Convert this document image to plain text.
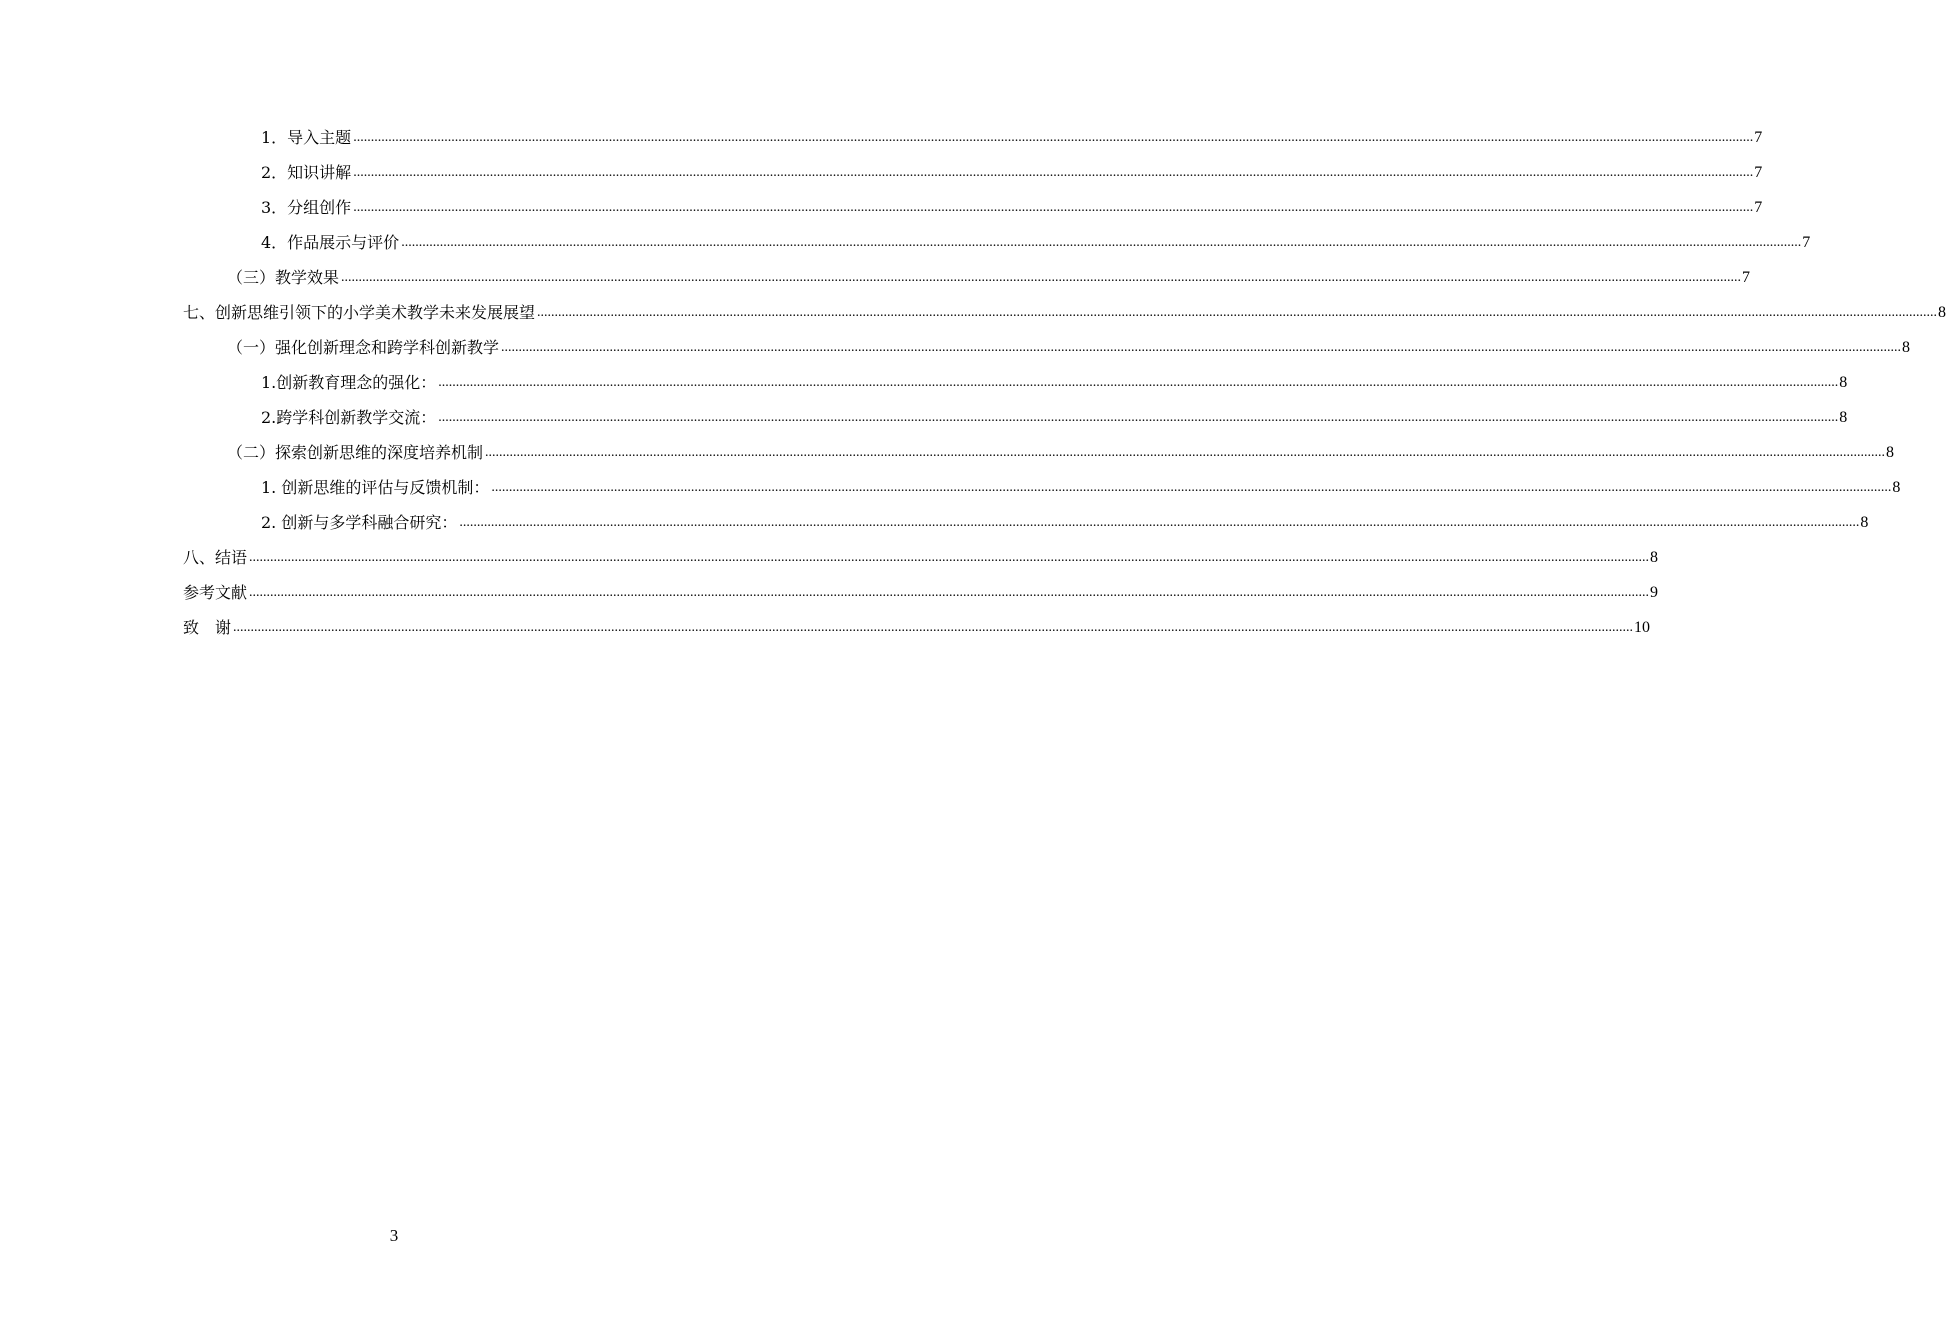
1．导入主题 ................................................................................................................................................................................................................................................................................................................................................................................................................ 7
2．知识讲解 ................................................................................................................................................................................................................................................................................................................................................................................................................ 7
3．分组创作 ................................................................................................................................................................................................................................................................................................................................................................................................................ 7
4．作品展示与评价 ................................................................................................................................................................................................................................................................................................................................................................................................................ 7
（三）教学效果 ................................................................................................................................................................................................................................................................................................................................................................................................................ 7
七、创新思维引领下的小学美术教学未来发展展望 ................................................................................................................................................................................................................................................................................................................................................................................................................ 8
（一）强化创新理念和跨学科创新教学 ................................................................................................................................................................................................................................................................................................................................................................................................................ 8
1.创新教育理念的强化： ................................................................................................................................................................................................................................................................................................................................................................................................................ 8
2.跨学科创新教学交流： ................................................................................................................................................................................................................................................................................................................................................................................................................ 8
（二）探索创新思维的深度培养机制 ................................................................................................................................................................................................................................................................................................................................................................................................................ 8
1. 创新思维的评估与反馈机制： ................................................................................................................................................................................................................................................................................................................................................................................................................ 8
2. 创新与多学科融合研究： ................................................................................................................................................................................................................................................................................................................................................................................................................ 8
八、结语 ................................................................................................................................................................................................................................................................................................................................................................................................................ 8
参考文献 ................................................................................................................................................................................................................................................................................................................................................................................................................ 9
致　谢 ................................................................................................................................................................................................................................................................................................................................................................................................................ 10
3
